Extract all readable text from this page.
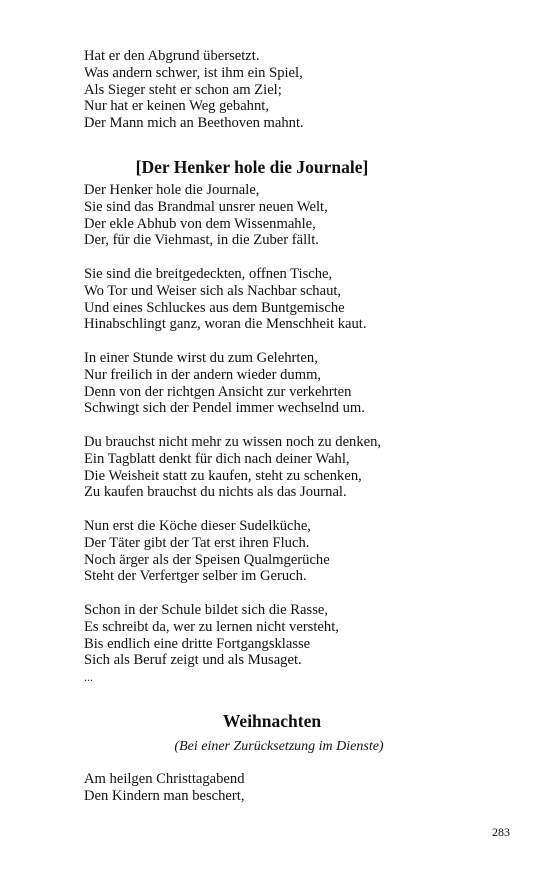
Hat er den Abgrund übersetzt.
Was andern schwer, ist ihm ein Spiel,
Als Sieger steht er schon am Ziel;
Nur hat er keinen Weg gebahnt,
Der Mann mich an Beethoven mahnt.
[Der Henker hole die Journale]
Der Henker hole die Journale,
Sie sind das Brandmal unsrer neuen Welt,
Der ekle Abhub von dem Wissenmahle,
Der, für die Viehmast, in die Zuber fällt.
Sie sind die breitgedeckten, offnen Tische,
Wo Tor und Weiser sich als Nachbar schaut,
Und eines Schluckes aus dem Buntgemische
Hinabschlingt ganz, woran die Menschheit kaut.
In einer Stunde wirst du zum Gelehrten,
Nur freilich in der andern wieder dumm,
Denn von der richtgen Ansicht zur verkehrten
Schwingt sich der Pendel immer wechselnd um.
Du brauchst nicht mehr zu wissen noch zu denken,
Ein Tagblatt denkt für dich nach deiner Wahl,
Die Weisheit statt zu kaufen, steht zu schenken,
Zu kaufen brauchst du nichts als das Journal.
Nun erst die Köche dieser Sudelküche,
Der Täter gibt der Tat erst ihren Fluch.
Noch ärger als der Speisen Qualmgerüche
Steht der Verfertger selber im Geruch.
Schon in der Schule bildet sich die Rasse,
Es schreibt da, wer zu lernen nicht versteht,
Bis endlich eine dritte Fortgangsklasse
Sich als Beruf zeigt und als Musaget.
...
Weihnachten
(Bei einer Zurücksetzung im Dienste)
Am heilgen Christtagabend
Den Kindern man beschert,
283
